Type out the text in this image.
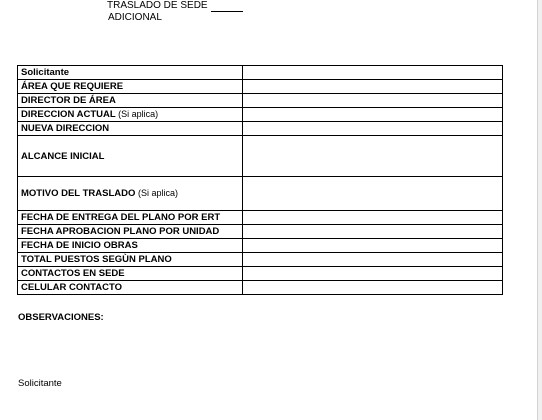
TRASLADO DE SEDE
ADICIONAL
Solicitante	
ÁREA QUE REQUIERE	
DIRECTOR DE ÁREA	
DIRECCION ACTUAL (Si aplica)	
NUEVA DIRECCION	
ALCANCE INICIAL	
MOTIVO DEL TRASLADO (Si aplica)	
FECHA DE ENTREGA DEL PLANO POR ERT	
FECHA APROBACION PLANO POR UNIDAD	
FECHA DE INICIO OBRAS	
TOTAL PUESTOS SEGÙN PLANO	
CONTACTOS EN SEDE	
CELULAR CONTACTO	
OBSERVACIONES:
Solicitante
